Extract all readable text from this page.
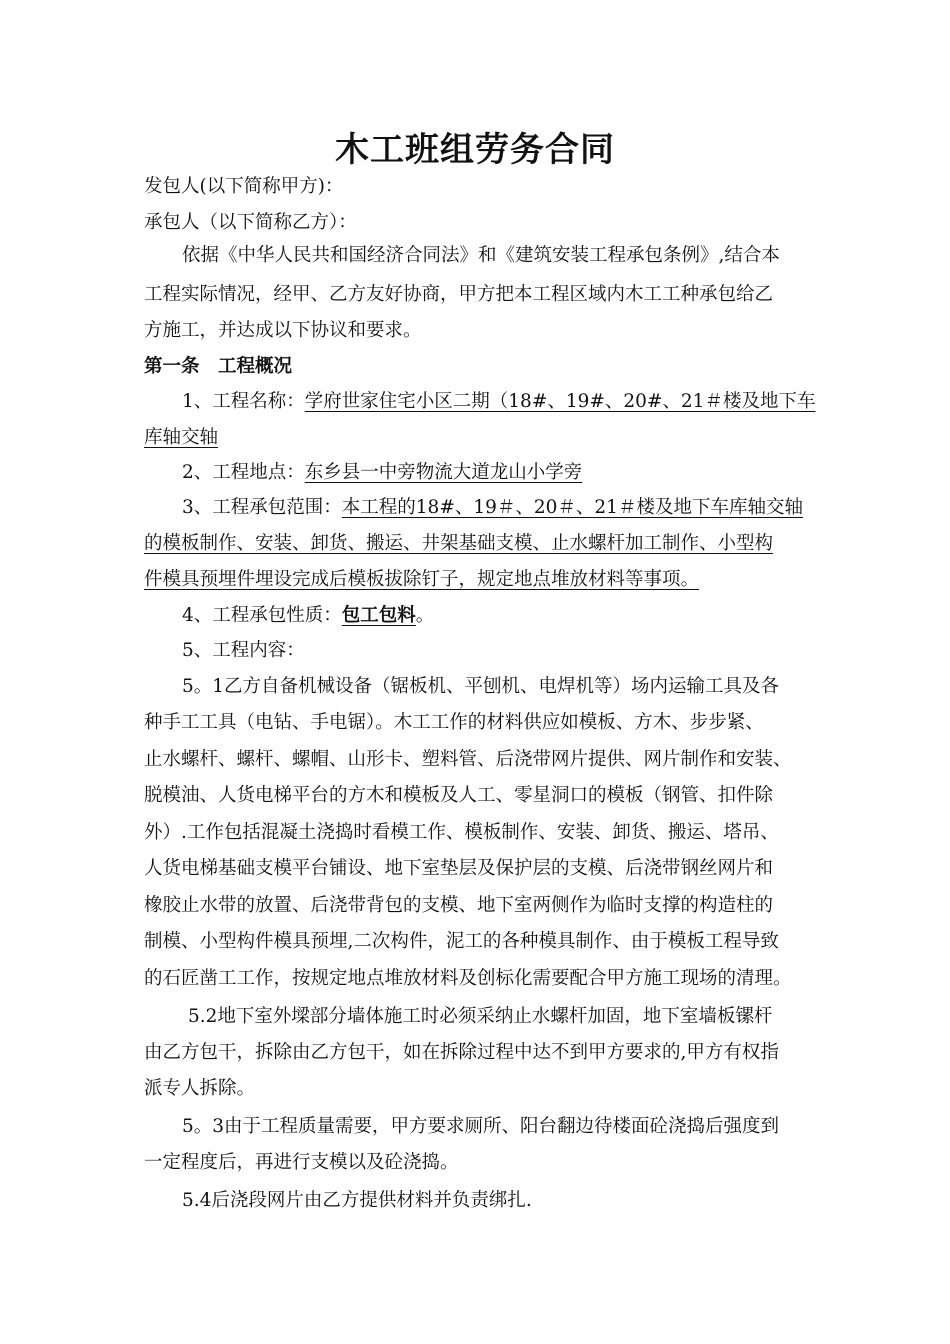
木工班组劳务合同
发包人(以下简称甲方)：
承包人（以下简称乙方）：
依据《中华人民共和国经济合同法》和《建筑安装工程承包条例》,结合本
工程实际情况，经甲、乙方友好协商，甲方把本工程区域内木工工种承包给乙
方施工，并达成以下协议和要求。
第一条　工程概况
1、工程名称：学府世家住宅小区二期（18#、19#、20#、21＃楼及地下车
库轴交轴
2、工程地点：东乡县一中旁物流大道龙山小学旁
3、工程承包范围：本工程的18#、19＃、20＃、21＃楼及地下车库轴交轴
的模板制作、安装、卸货、搬运、井架基础支模、止水螺杆加工制作、小型构
件模具预埋件埋设完成后模板拔除钉子，规定地点堆放材料等事项。
4、工程承包性质：包工包料。
5、工程内容：
5。1乙方自备机械设备（锯板机、平刨机、电焊机等）场内运输工具及各
种手工工具（电钻、手电锯）。木工工作的材料供应如模板、方木、步步紧、
止水螺杆、螺杆、螺帽、山形卡、塑料管、后浇带网片提供、网片制作和安装、
脱模油、人货电梯平台的方木和模板及人工、零星洞口的模板（钢管、扣件除
外）.工作包括混凝土浇捣时看模工作、模板制作、安装、卸货、搬运、塔吊、
人货电梯基础支模平台铺设、地下室垫层及保护层的支模、后浇带钢丝网片和
橡胶止水带的放置、后浇带背包的支模、地下室两侧作为临时支撑的构造柱的
制模、小型构件模具预埋,二次构件，泥工的各种模具制作、由于模板工程导致
的石匠凿工工作，按规定地点堆放材料及创标化需要配合甲方施工现场的清理。
5.2地下室外墚部分墙体施工时必须采纳止水螺杆加固，地下室墙板镙杆
由乙方包干，拆除由乙方包干，如在拆除过程中达不到甲方要求的,甲方有权指
派专人拆除。
5。3由于工程质量需要，甲方要求厕所、阳台翻边待楼面砼浇捣后强度到
一定程度后，再进行支模以及砼浇捣。
5.4后浇段网片由乙方提供材料并负责绑扎.
